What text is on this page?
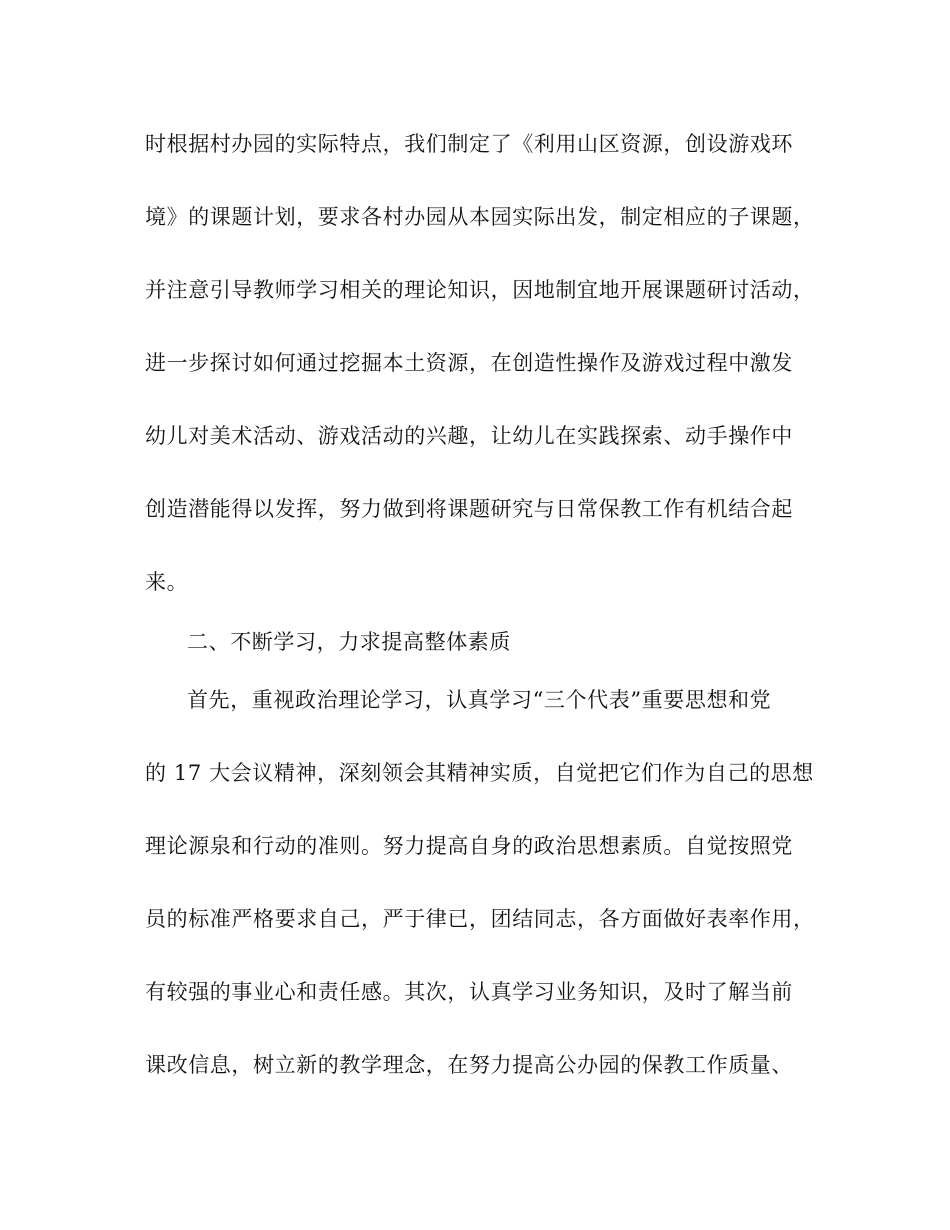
时根据村办园的实际特点，我们制定了《利用山区资源，创设游戏环
境》的课题计划，要求各村办园从本园实际出发，制定相应的子课题，
并注意引导教师学习相关的理论知识，因地制宜地开展课题研讨活动，
进一步探讨如何通过挖掘本土资源，在创造性操作及游戏过程中激发
幼儿对美术活动、游戏活动的兴趣，让幼儿在实践探索、动手操作中
创造潜能得以发挥，努力做到将课题研究与日常保教工作有机结合起
来。
二、不断学习，力求提高整体素质
首先，重视政治理论学习，认真学习“三个代表”重要思想和党
的 17 大会议精神，深刻领会其精神实质，自觉把它们作为自己的思想
理论源泉和行动的准则。努力提高自身的政治思想素质。自觉按照党
员的标准严格要求自己，严于律已，团结同志，各方面做好表率作用，
有较强的事业心和责任感。其次，认真学习业务知识，及时了解当前
课改信息，树立新的教学理念，在努力提高公办园的保教工作质量、
